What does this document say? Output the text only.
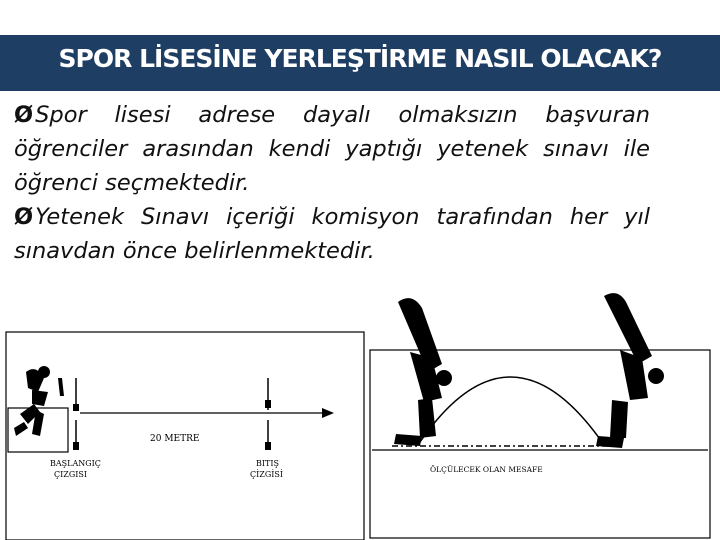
SPOR LİSESİNE YERLEŞTİRME NASIL OLACAK?

ØSpor lisesi adrese dayalı olmaksızın başvuran öğrenciler arasından kendi yaptığı yetenek sınavı ile öğrenci seçmektedir.

ØYetenek Sınavı içeriği komisyon tarafından her yıl sınavdan önce belirlenmektedir.

20 METRE
BAŞLANGIÇ
ÇIZGISI
BITIŞ
ÇİZGİSİ
ÖLÇÜLECEK OLAN MESAFE
